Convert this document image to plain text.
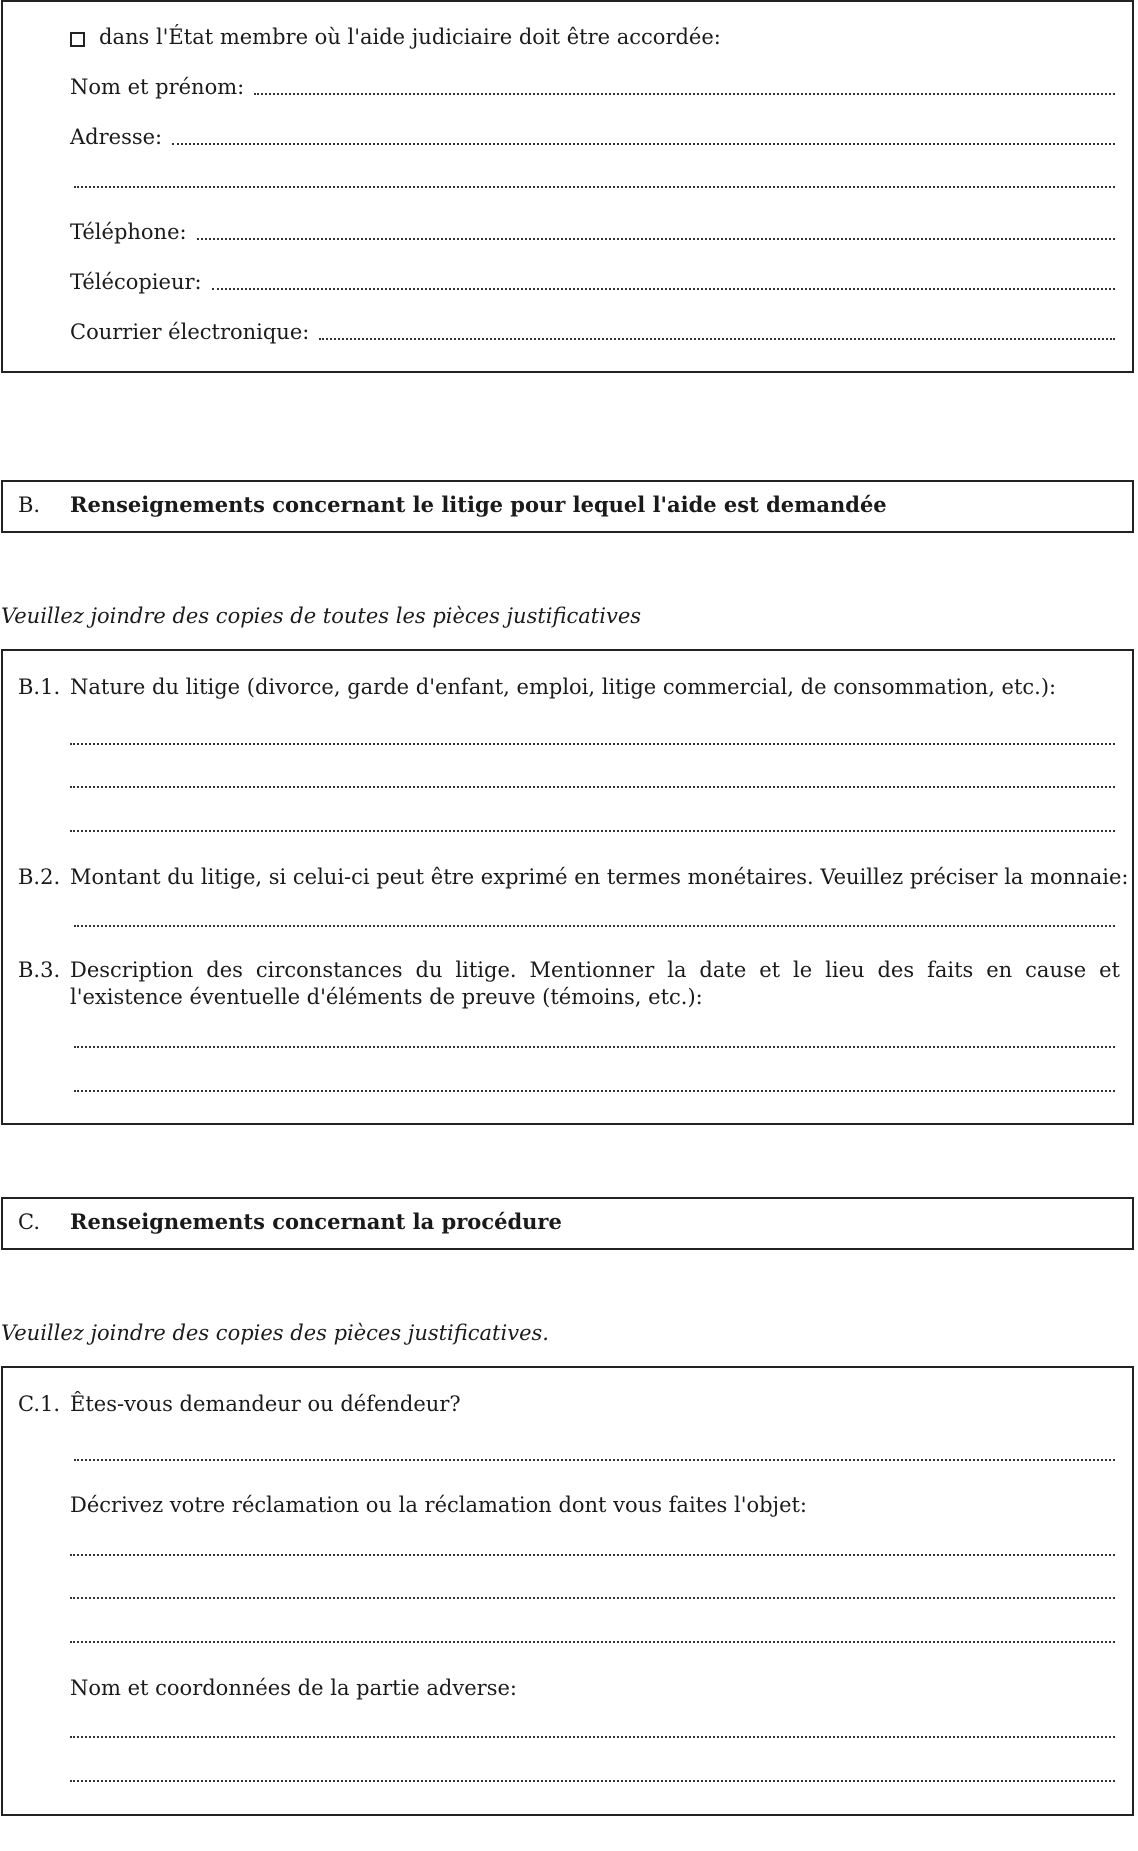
dans l'État membre où l'aide judiciaire doit être accordée:
Nom et prénom:
Adresse:
Téléphone:
Télécopieur:
Courrier électronique:
B. Renseignements concernant le litige pour lequel l'aide est demandée
Veuillez joindre des copies de toutes les pièces justificatives
B.1. Nature du litige (divorce, garde d'enfant, emploi, litige commercial, de consommation, etc.):
B.2. Montant du litige, si celui-ci peut être exprimé en termes monétaires. Veuillez préciser la monnaie:
B.3. Description des circonstances du litige. Mentionner la date et le lieu des faits en cause et l'existence éventuelle d'éléments de preuve (témoins, etc.):
C. Renseignements concernant la procédure
Veuillez joindre des copies des pièces justificatives.
C.1. Êtes-vous demandeur ou défendeur?
Décrivez votre réclamation ou la réclamation dont vous faites l'objet:
Nom et coordonnées de la partie adverse:
